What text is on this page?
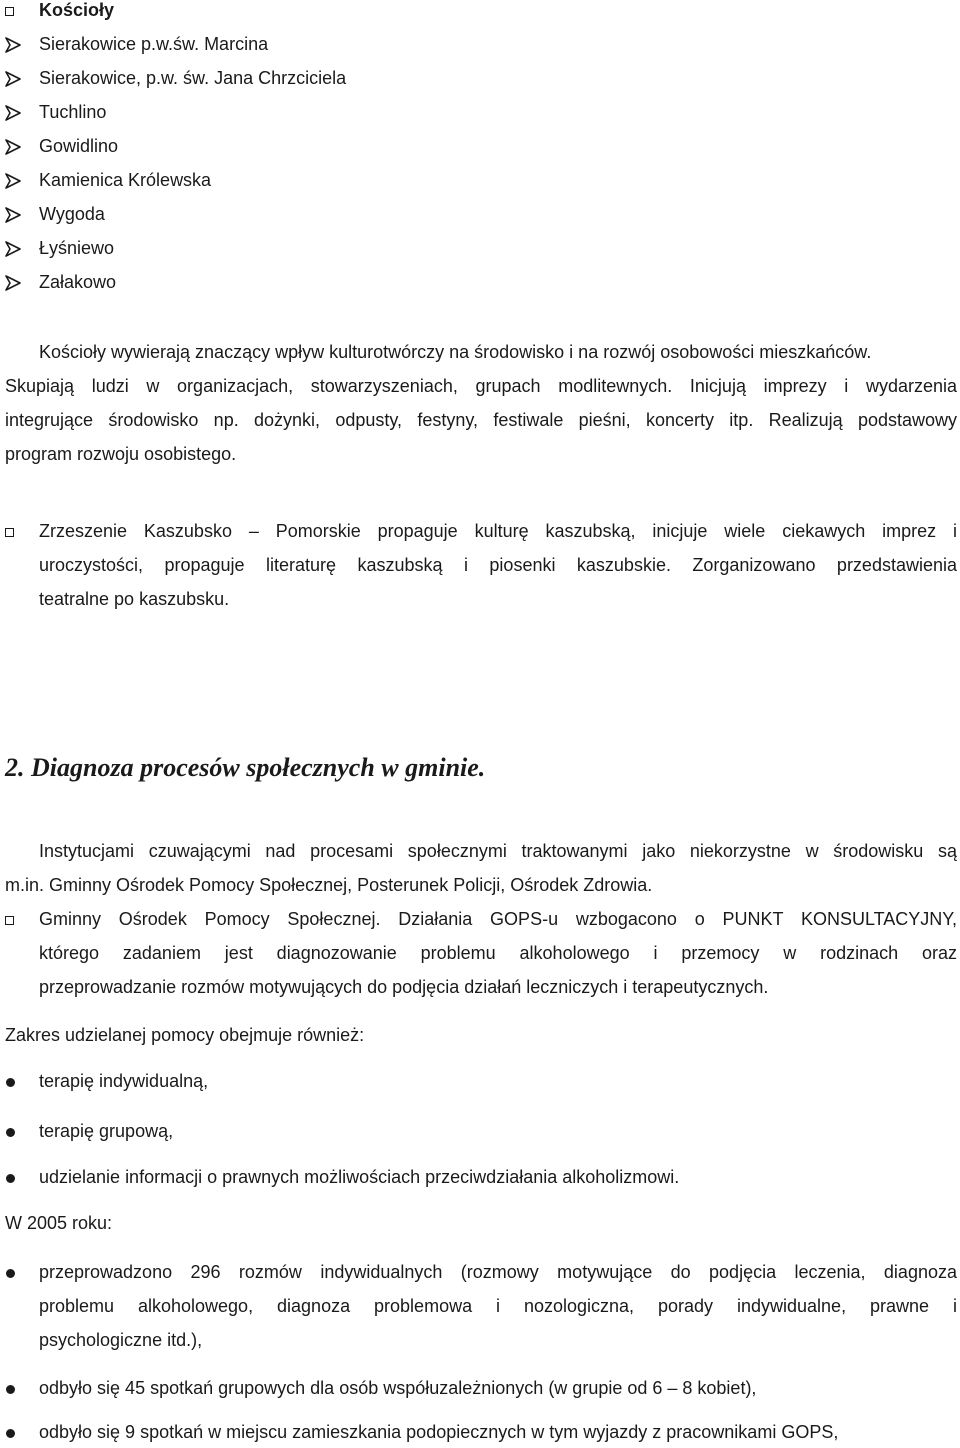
Kościoły
Sierakowice p.w.św. Marcina
Sierakowice, p.w. św. Jana Chrzciciela
Tuchlino
Gowidlino
Kamienica Królewska
Wygoda
Łyśniewo
Załakowo
Kościoły wywierają znaczący wpływ kulturotwórczy na środowisko i na rozwój osobowości mieszkańców.
Skupiają ludzi w organizacjach, stowarzyszeniach, grupach modlitewnych. Inicjują imprezy i wydarzenia
integrujące środowisko np. dożynki, odpusty, festyny, festiwale pieśni, koncerty itp. Realizują podstawowy
program rozwoju osobistego.
Zrzeszenie Kaszubsko – Pomorskie propaguje kulturę kaszubską, inicjuje wiele ciekawych imprez i
uroczystości, propaguje literaturę kaszubską i piosenki kaszubskie. Zorganizowano przedstawienia
teatralne po kaszubsku.
2. Diagnoza procesów społecznych w gminie.
Instytucjami czuwającymi nad procesami społecznymi traktowanymi jako niekorzystne w środowisku są
m.in. Gminny Ośrodek Pomocy Społecznej, Posterunek Policji, Ośrodek Zdrowia.
Gminny Ośrodek Pomocy Społecznej. Działania GOPS-u wzbogacono o PUNKT KONSULTACYJNY,
którego zadaniem jest diagnozowanie problemu alkoholowego i przemocy w rodzinach oraz
przeprowadzanie rozmów motywujących do podjęcia działań leczniczych i terapeutycznych.
Zakres udzielanej pomocy obejmuje również:
terapię indywidualną,
terapię grupową,
udzielanie informacji o prawnych możliwościach przeciwdziałania alkoholizmowi.
W 2005 roku:
przeprowadzono 296 rozmów indywidualnych (rozmowy motywujące do podjęcia leczenia, diagnoza
problemu alkoholowego, diagnoza problemowa i nozologiczna, porady indywidualne, prawne i
psychologiczne itd.),
odbyło się 45 spotkań grupowych dla osób współuzależnionych (w grupie od 6 – 8 kobiet),
odbyło się 9 spotkań w miejscu zamieszkania podopiecznych w tym wyjazdy z pracownikami GOPS,
